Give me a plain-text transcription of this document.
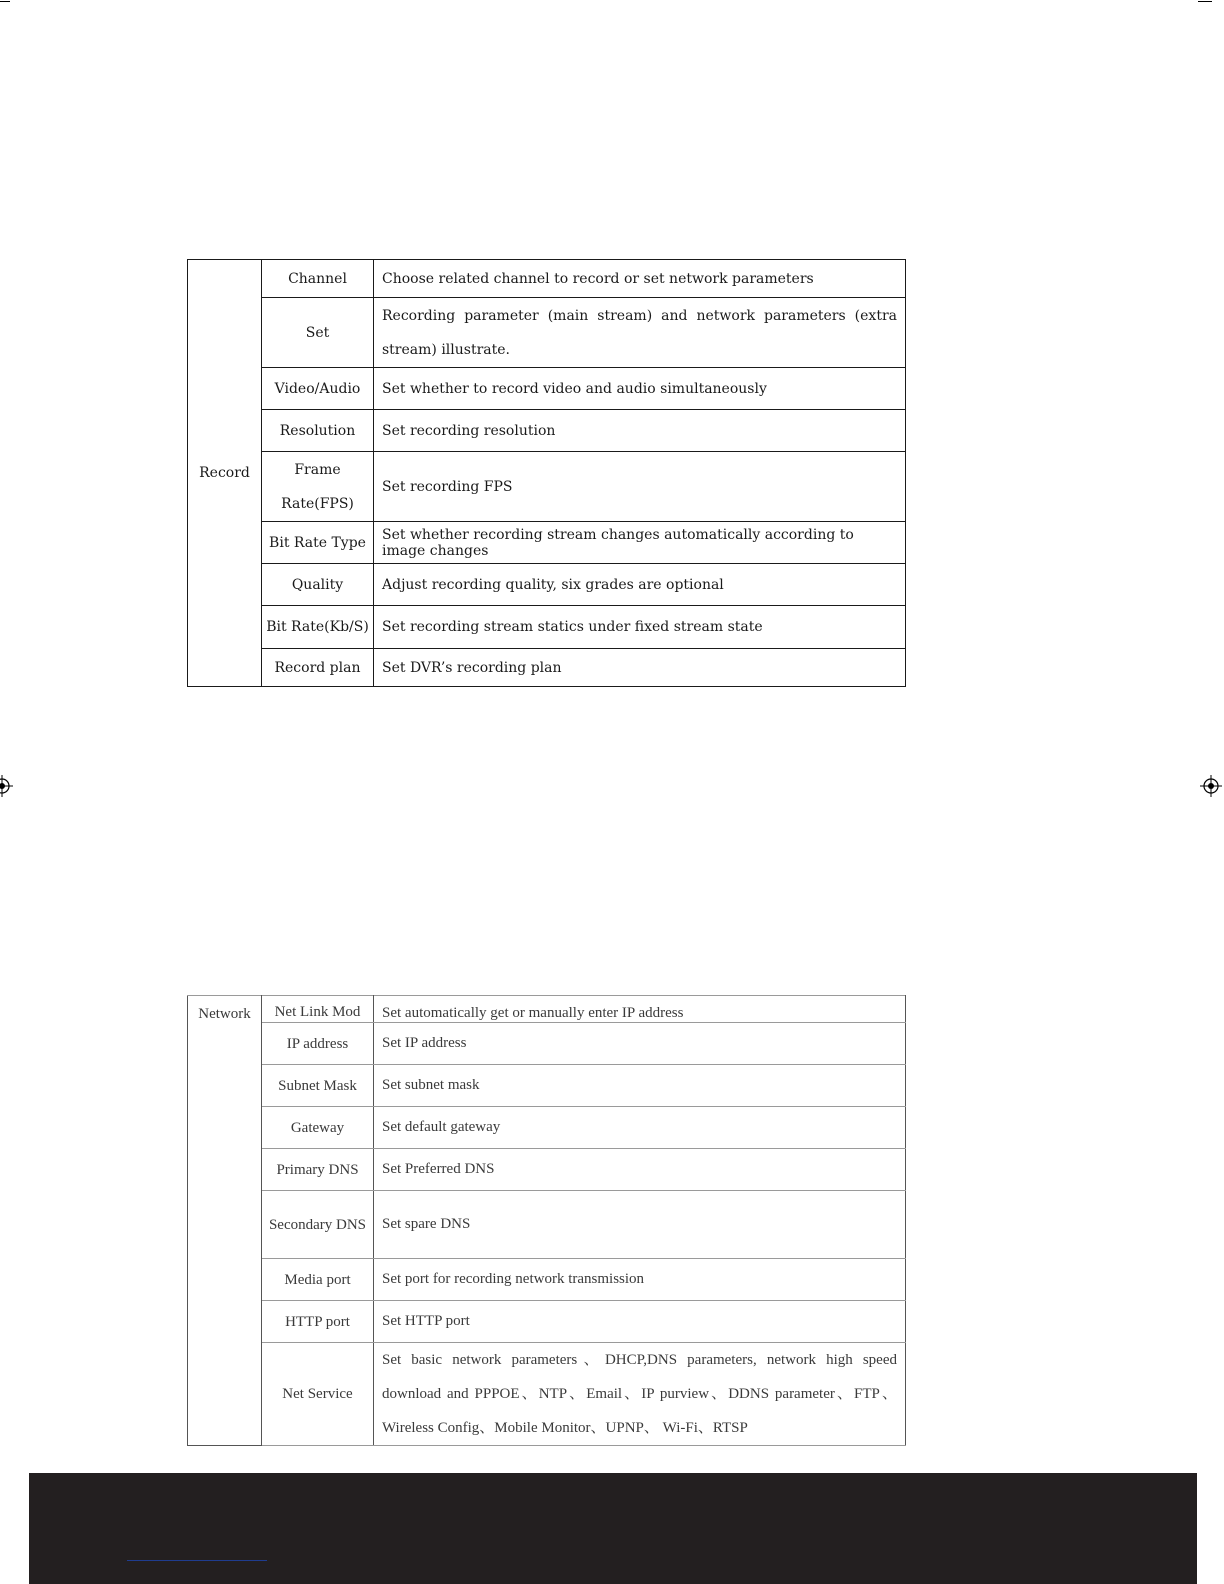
Record	Channel	Choose related channel to record or set network parameters
	Set	Recording parameter (main stream) and network parameters (extra stream) illustrate.
	Video/Audio	Set whether to record video and audio simultaneously
	Resolution	Set recording resolution
	Frame Rate(FPS)	Set recording FPS
	Bit Rate Type	Set whether recording stream changes automatically according to image changes
	Quality	Adjust recording quality, six grades are optional
	Bit Rate(Kb/S)	Set recording stream statics under fixed stream state
	Record plan	Set DVR’s recording plan
Network	Net Link Mod	Set automatically get or manually enter IP address
	IP address	Set IP address
	Subnet Mask	Set subnet mask
	Gateway	Set default gateway
	Primary DNS	Set Preferred DNS
	Secondary DNS	Set spare DNS
	Media port	Set port for recording network transmission
	HTTP port	Set HTTP port
	Net Service	Set basic network parameters、DHCP,DNS parameters, network high speed download and PPPOE、NTP、Email、IP purview、DDNS parameter、FTP、Wireless Config、Mobile Monitor、UPNP、 Wi-Fi、RTSP
